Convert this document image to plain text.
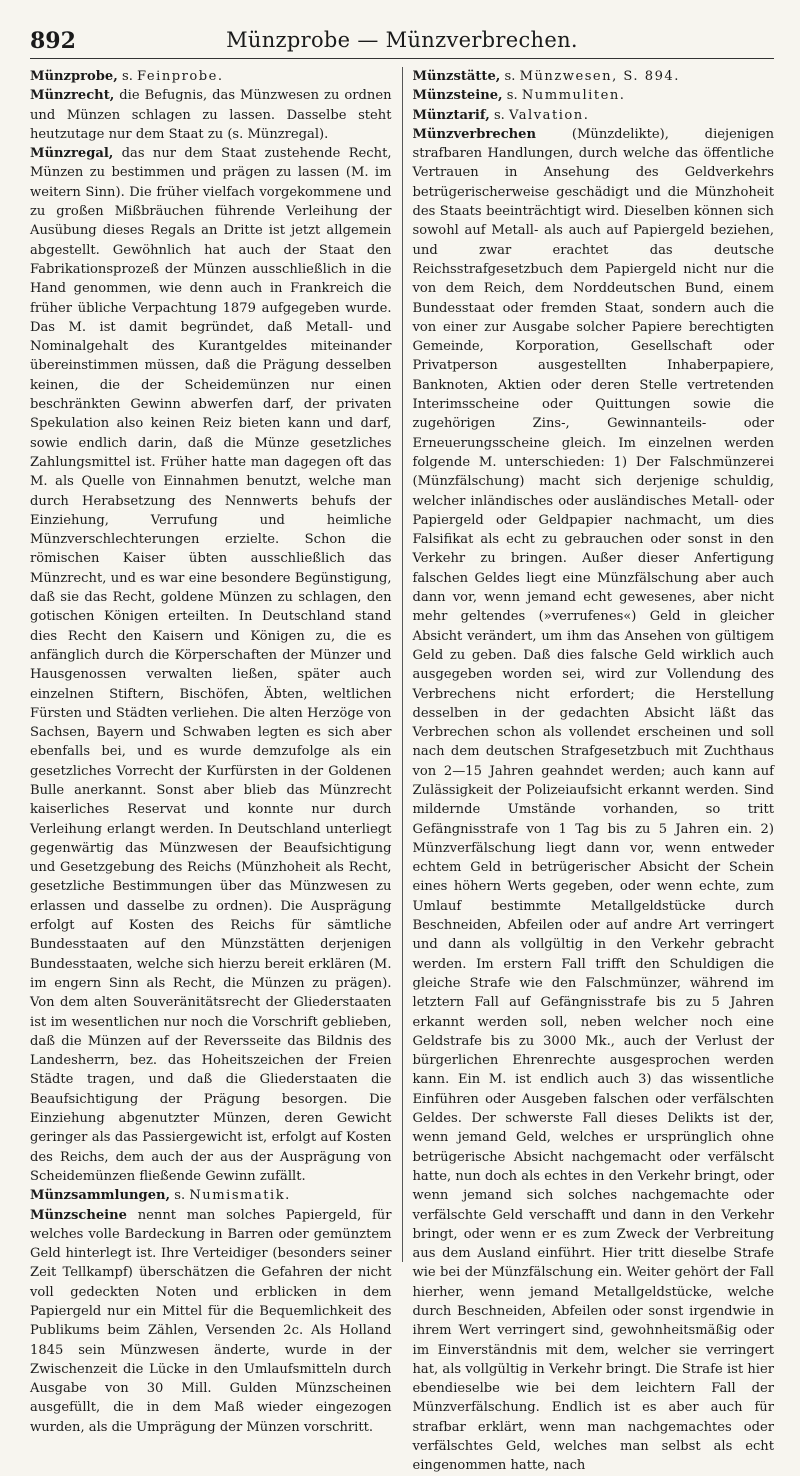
892	Münzprobe — Münzverbrechen.

Münzprobe, s. Feinprobe.

Münzrecht, die Befugnis, das Münzwesen zu ordnen und Münzen schlagen zu lassen. Dasselbe steht heutzutage nur dem Staat zu (s. Münzregal).

Münzregal, das nur dem Staat zustehende Recht, Münzen zu bestimmen und prägen zu lassen (M. im weitern Sinn). Die früher vielfach vorgekommene und zu großen Mißbräuchen führende Verleihung der Ausübung dieses Regals an Dritte ist jetzt allgemein abgestellt. Gewöhnlich hat auch der Staat den Fabrikationsprozeß der Münzen ausschließlich in die Hand genommen, wie denn auch in Frankreich die früher übliche Verpachtung 1879 aufgegeben wurde. Das M. ist damit begründet, daß Metall- und Nominalgehalt des Kurantgeldes miteinander übereinstimmen müssen, daß die Prägung desselben keinen, die der Scheidemünzen nur einen beschränkten Gewinn abwerfen darf, der privaten Spekulation also keinen Reiz bieten kann und darf, sowie endlich darin, daß die Münze gesetzliches Zahlungsmittel ist. Früher hatte man dagegen oft das M. als Quelle von Einnahmen benutzt, welche man durch Herabsetzung des Nennwerts behufs der Einziehung, Verrufung und heimliche Münzverschlechterungen erzielte. Schon die römischen Kaiser übten ausschließlich das Münzrecht, und es war eine besondere Begünstigung, daß sie das Recht, goldene Münzen zu schlagen, den gotischen Königen erteilten. In Deutschland stand dies Recht den Kaisern und Königen zu, die es anfänglich durch die Körperschaften der Münzer und Hausgenossen verwalten ließen, später auch einzelnen Stiftern, Bischöfen, Äbten, weltlichen Fürsten und Städten verliehen. Die alten Herzöge von Sachsen, Bayern und Schwaben legten es sich aber ebenfalls bei, und es wurde demzufolge als ein gesetzliches Vorrecht der Kurfürsten in der Goldenen Bulle anerkannt. Sonst aber blieb das Münzrecht kaiserliches Reservat und konnte nur durch Verleihung erlangt werden. In Deutschland unterliegt gegenwärtig das Münzwesen der Beaufsichtigung und Gesetzgebung des Reichs (Münzhoheit als Recht, gesetzliche Bestimmungen über das Münzwesen zu erlassen und dasselbe zu ordnen). Die Ausprägung erfolgt auf Kosten des Reichs für sämtliche Bundesstaaten auf den Münzstätten derjenigen Bundesstaaten, welche sich hierzu bereit erklären (M. im engern Sinn als Recht, die Münzen zu prägen). Von dem alten Souveränitätsrecht der Gliederstaaten ist im wesentlichen nur noch die Vorschrift geblieben, daß die Münzen auf der Reversseite das Bildnis des Landesherrn, bez. das Hoheitszeichen der Freien Städte tragen, und daß die Gliederstaaten die Beaufsichtigung der Prägung besorgen. Die Einziehung abgenutzter Münzen, deren Gewicht geringer als das Passiergewicht ist, erfolgt auf Kosten des Reichs, dem auch der aus der Ausprägung von Scheidemünzen fließende Gewinn zufällt.

Münzsammlungen, s. Numismatik.

Münzscheine nennt man solches Papiergeld, für welches volle Bardeckung in Barren oder gemünztem Geld hinterlegt ist. Ihre Verteidiger (besonders seiner Zeit Tellkampf) überschätzen die Gefahren der nicht voll gedeckten Noten und erblicken in dem Papiergeld nur ein Mittel für die Bequemlichkeit des Publikums beim Zählen, Versenden 2c. Als Holland 1845 sein Münzwesen änderte, wurde in der Zwischenzeit die Lücke in den Umlaufsmitteln durch Ausgabe von 30 Mill. Gulden Münzscheinen ausgefüllt, die in dem Maß wieder eingezogen wurden, als die Umprägung der Münzen vorschritt.

Münzstätte, s. Münzwesen, S. 894.

Münzsteine, s. Nummuliten.

Münztarif, s. Valvation.

Münzverbrechen (Münzdelikte), diejenigen strafbaren Handlungen, durch welche das öffentliche Vertrauen in Ansehung des Geldverkehrs betrügerischerweise geschädigt und die Münzhoheit des Staats beeinträchtigt wird. Dieselben können sich sowohl auf Metall- als auch auf Papiergeld beziehen, und zwar erachtet das deutsche Reichsstrafgesetzbuch dem Papiergeld nicht nur die von dem Reich, dem Norddeutschen Bund, einem Bundesstaat oder fremden Staat, sondern auch die von einer zur Ausgabe solcher Papiere berechtigten Gemeinde, Korporation, Gesellschaft oder Privatperson ausgestellten Inhaberpapiere, Banknoten, Aktien oder deren Stelle vertretenden Interimsscheine oder Quittungen sowie die zugehörigen Zins-, Gewinnanteils- oder Erneuerungsscheine gleich. Im einzelnen werden folgende M. unterschieden: 1) Der Falschmünzerei (Münzfälschung) macht sich derjenige schuldig, welcher inländisches oder ausländisches Metall- oder Papiergeld oder Geldpapier nachmacht, um dies Falsifikat als echt zu gebrauchen oder sonst in den Verkehr zu bringen. Außer dieser Anfertigung falschen Geldes liegt eine Münzfälschung aber auch dann vor, wenn jemand echt gewesenes, aber nicht mehr geltendes (»verrufenes«) Geld in gleicher Absicht verändert, um ihm das Ansehen von gültigem Geld zu geben. Daß dies falsche Geld wirklich auch ausgegeben worden sei, wird zur Vollendung des Verbrechens nicht erfordert; die Herstellung desselben in der gedachten Absicht läßt das Verbrechen schon als vollendet erscheinen und soll nach dem deutschen Strafgesetzbuch mit Zuchthaus von 2—15 Jahren geahndet werden; auch kann auf Zulässigkeit der Polizeiaufsicht erkannt werden. Sind mildernde Umstände vorhanden, so tritt Gefängnisstrafe von 1 Tag bis zu 5 Jahren ein. 2) Münzverfälschung liegt dann vor, wenn entweder echtem Geld in betrügerischer Absicht der Schein eines höhern Werts gegeben, oder wenn echte, zum Umlauf bestimmte Metallgeldstücke durch Beschneiden, Abfeilen oder auf andre Art verringert und dann als vollgültig in den Verkehr gebracht werden. Im erstern Fall trifft den Schuldigen die gleiche Strafe wie den Falschmünzer, während im letztern Fall auf Gefängnisstrafe bis zu 5 Jahren erkannt werden soll, neben welcher noch eine Geldstrafe bis zu 3000 Mk., auch der Verlust der bürgerlichen Ehrenrechte ausgesprochen werden kann. Ein M. ist endlich auch 3) das wissentliche Einführen oder Ausgeben falschen oder verfälschten Geldes. Der schwerste Fall dieses Delikts ist der, wenn jemand Geld, welches er ursprünglich ohne betrügerische Absicht nachgemacht oder verfälscht hatte, nun doch als echtes in den Verkehr bringt, oder wenn jemand sich solches nachgemachte oder verfälschte Geld verschafft und dann in den Verkehr bringt, oder wenn er es zum Zweck der Verbreitung aus dem Ausland einführt. Hier tritt dieselbe Strafe wie bei der Münzfälschung ein. Weiter gehört der Fall hierher, wenn jemand Metallgeldstücke, welche durch Beschneiden, Abfeilen oder sonst irgendwie in ihrem Wert verringert sind, gewohnheitsmäßig oder im Einverständnis mit dem, welcher sie verringert hat, als vollgültig in Verkehr bringt. Die Strafe ist hier ebendieselbe wie bei dem leichtern Fall der Münzverfälschung. Endlich ist es aber auch für strafbar erklärt, wenn man nachgemachtes oder verfälschtes Geld, welches man selbst als echt eingenommen hatte, nach
